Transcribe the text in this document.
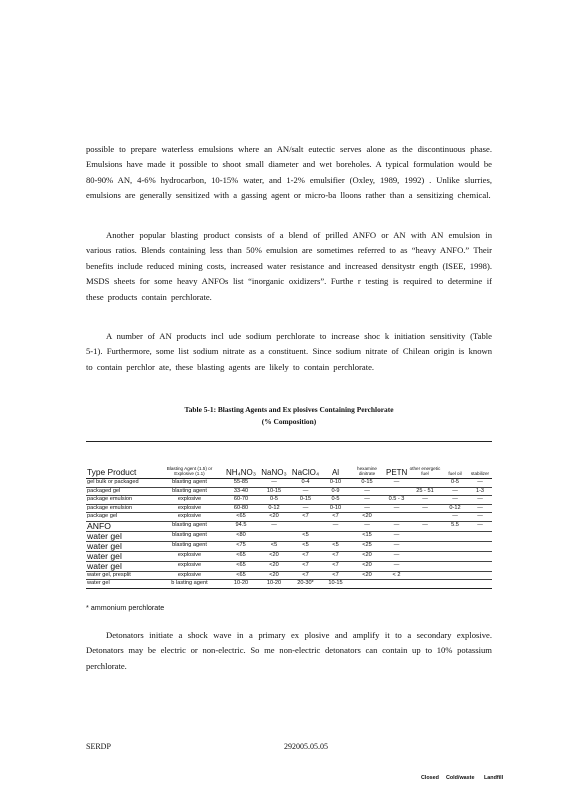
possible to prepare waterless emulsions where an AN/salt eutectic serves alone as the discontinuous phase. Emulsions have made it possible to shoot small diameter and wet boreholes. A typical formulation would be 80-90% AN, 4-6% hydrocarbon, 10-15% water, and 1-2% emulsifier (Oxley, 1989, 1992) . Unlike slurries, emulsions are generally sensitized with a gassing agent or micro-ba lloons rather than a sensitizing chemical.

Another popular blasting product consists of a blend of prilled ANFO or AN with AN emulsion in various ratios. Blends containing less than 50% emulsion are sometimes referred to as “heavy ANFO.” Their benefits include reduced mining costs, increased water resistance and increased densitystr ength (ISEE, 1998). MSDS sheets for some heavy ANFOs list “inorganic oxidizers”. Furthe r testing is required to determine if these products contain perchlorate.

A number of AN products incl ude sodium perchlorate to increase shoc k initiation sensitivity (Table 5-1). Furthermore, some list sodium nitrate as a constituent. Since sodium nitrate of Chilean origin is known to contain perchlor ate, these blasting agents are likely to contain perchlorate.

Table 5-1: Blasting Agents and Ex plosives Containing Perchlorate
(% Composition)
Type Product	Blasting Agent (1.5) or Explosive (1.1)	NH₄NO₃	NaNO₃	NaClO₄	Al	hexamine dinitrate	PETN	other energetic fuel	fuel oil	stabilizer
gel bulk or packaged	blasting agent	55-85	—	0-4	0-10	0-15	—		0-5	—
packaged gel	blasting agent	33-40	10-15	—	0-9	—		25 - 51	—	1-3
package emulsion	explosive	60-70	0-5	0-15	0-5	—	0.5 - 3	—	—	—
package emulsion	explosive	60-80	0-12	—	0-10	—	—	—	0-12	—
package gel	explosive	<65	<20	<7	<7	<20			—	—
ANFO	blasting agent	94.5	—		—	—	—	—	5.5	—
water gel	blasting agent	<80		<5		<15	—			
water gel	blasting agent	<75	<5	<5	<5	<25	—			
water gel	explosive	<65	<20	<7	<7	<20	—			
water gel	explosive	<65	<20	<7	<7	<20	—			
water gel, presplit	explosive	<65	<20	<7	<7	<20	< 2			
water gel	b lasting agent	10-20	10-20	20-30*	10-15					
* ammonium perchlorate

Detonators initiate a shock wave in a primary ex plosive and amplify it to a secondary explosive. Detonators may be electric or non-electric. So me non-electric detonators can contain up to 10% potassium perchlorate.

SERDP	292005.05.05
Closed Cold/waste Landfill
